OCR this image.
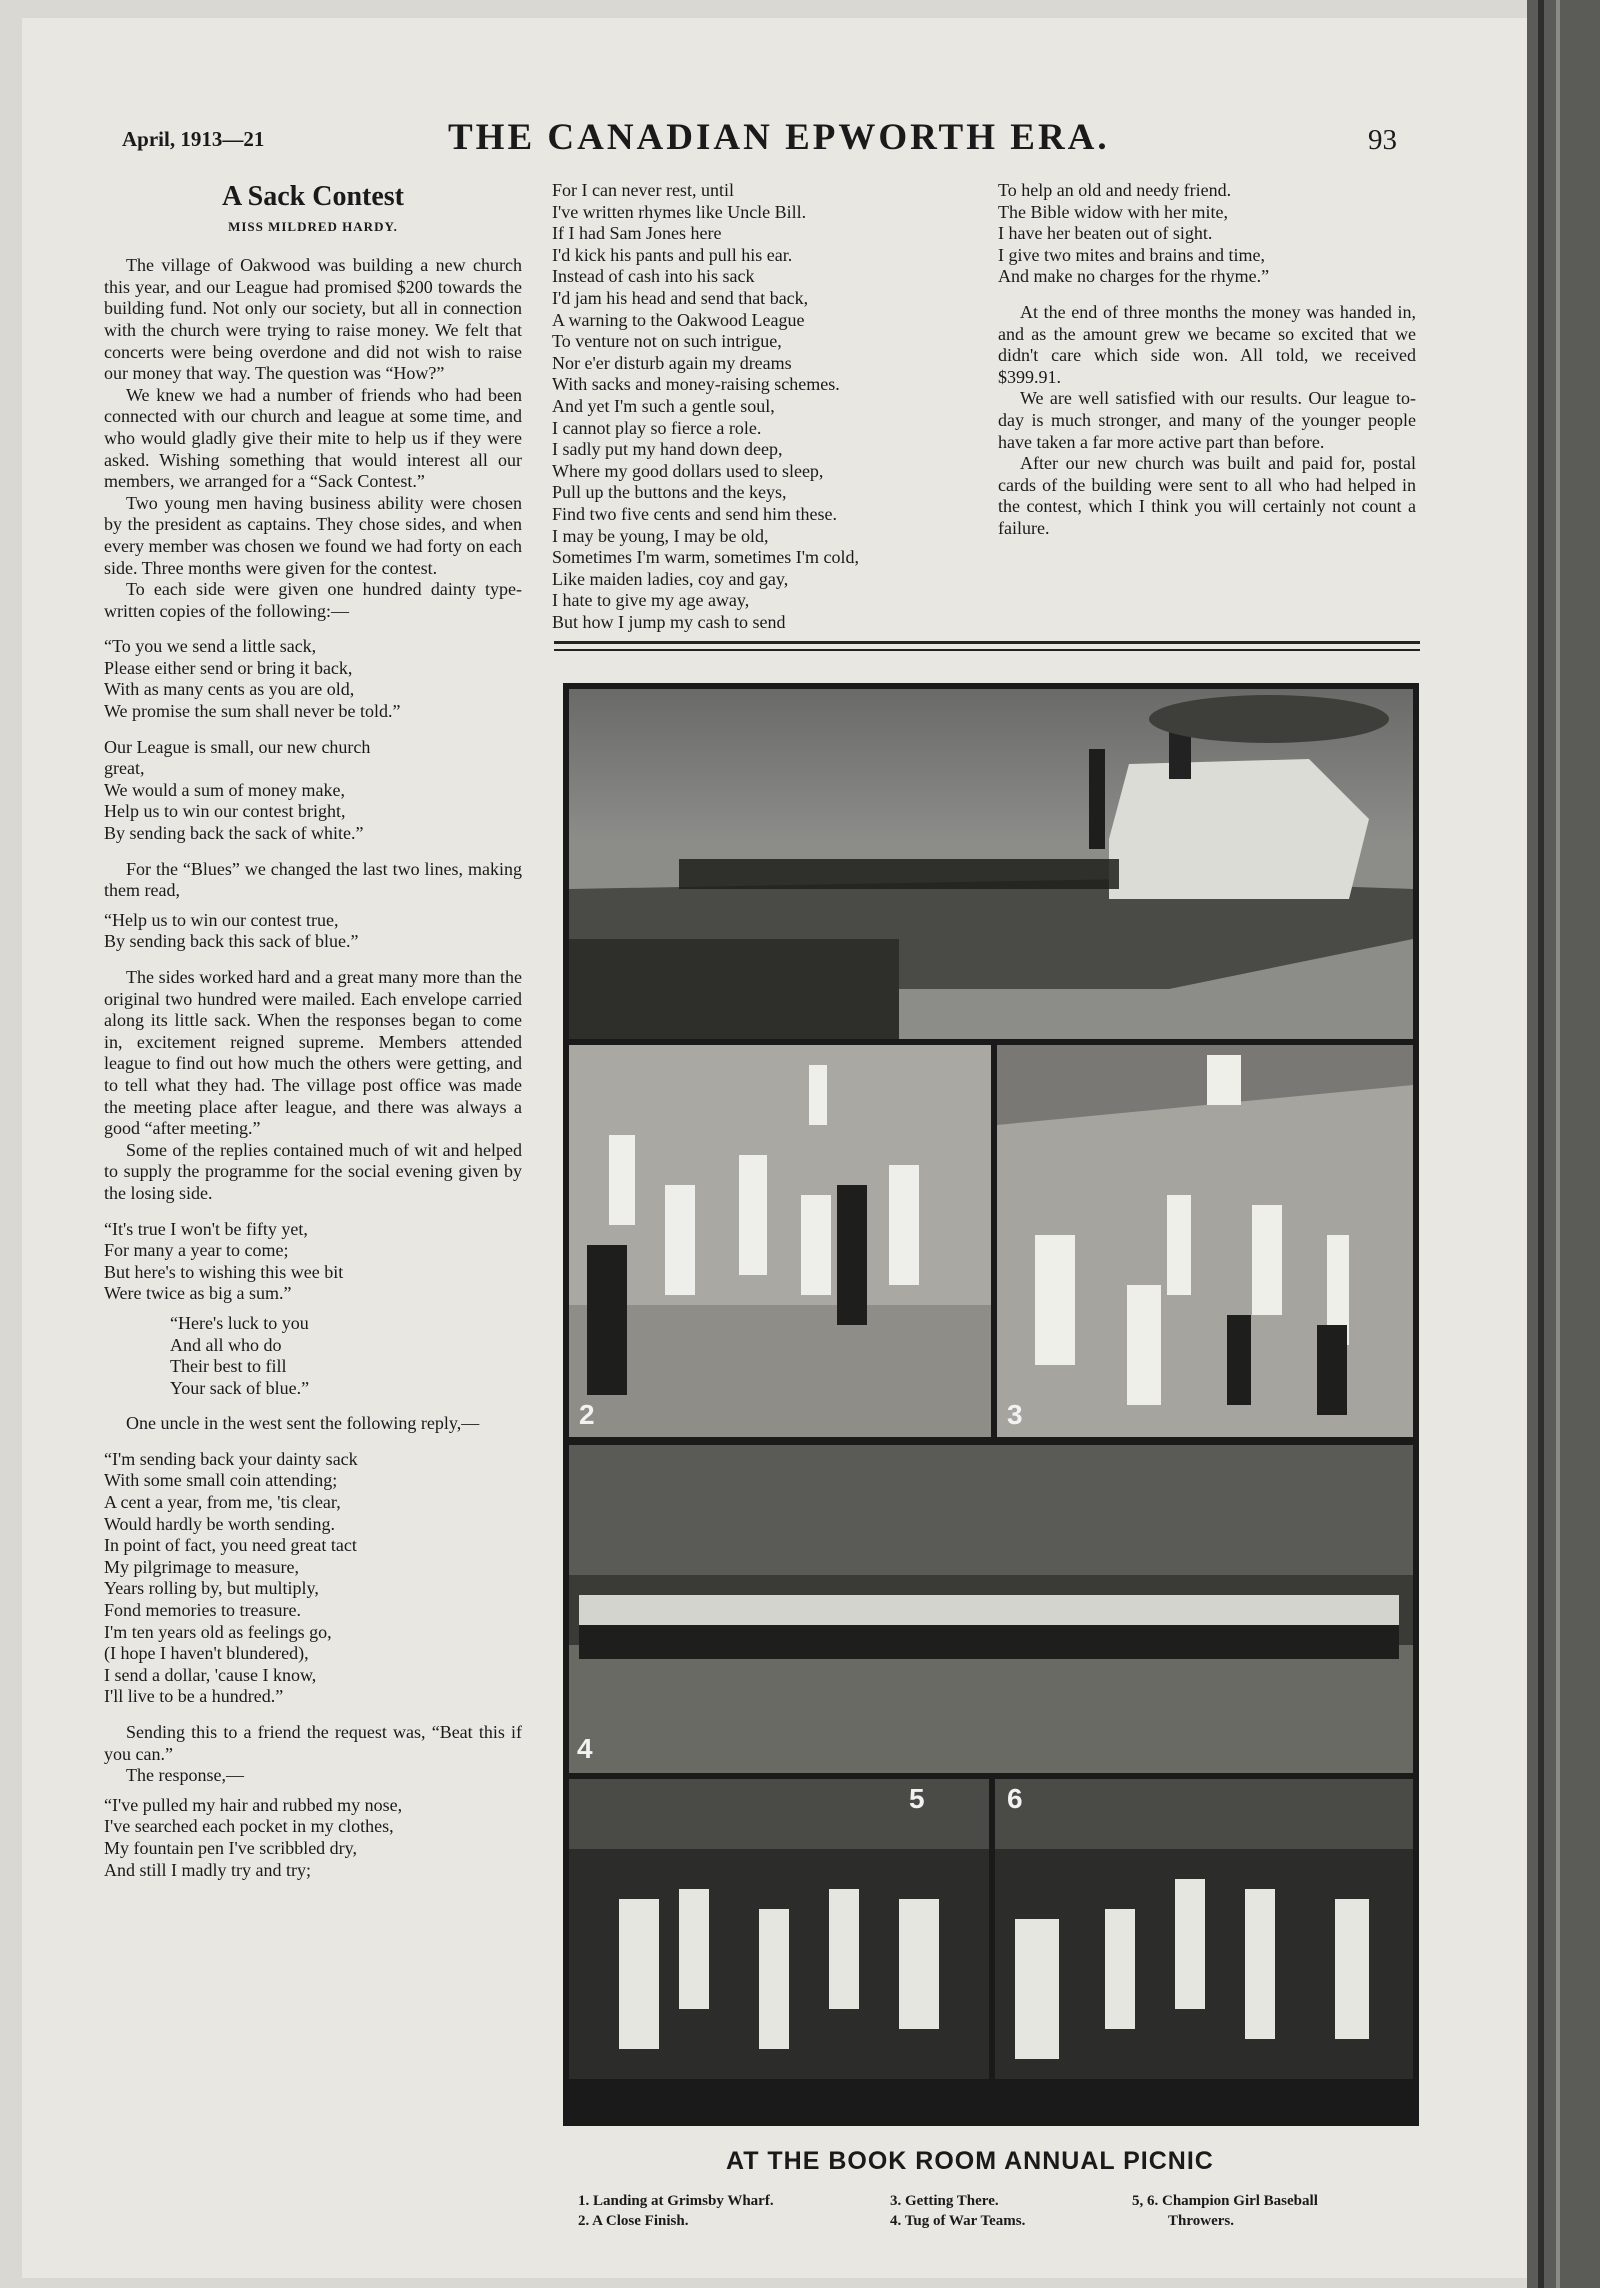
April, 1913—21	THE CANADIAN EPWORTH ERA.	93
A Sack Contest
MISS MILDRED HARDY.

The village of Oakwood was building a new church this year, and our League had promised $200 towards the building fund. Not only our society, but all in connection with the church were trying to raise money. We felt that concerts were being overdone and did not wish to raise our money that way. The question was “How?”

We knew we had a number of friends who had been connected with our church and league at some time, and who would gladly give their mite to help us if they were asked. Wishing something that would interest all our members, we arranged for a “Sack Contest.”

Two young men having business ability were chosen by the president as captains. They chose sides, and when every member was chosen we found we had forty on each side. Three months were given for the contest.

To each side were given one hundred dainty type-written copies of the following:—

“To you we send a little sack,
Please either send or bring it back,
With as many cents as you are old,
We promise the sum shall never be told.”
Our League is small, our new church
great,
We would a sum of money make,
Help us to win our contest bright,
By sending back the sack of white.”

For the “Blues” we changed the last two lines, making them read,

“Help us to win our contest true,
By sending back this sack of blue.”

The sides worked hard and a great many more than the original two hundred were mailed. Each envelope carried along its little sack. When the responses began to come in, excitement reigned supreme. Members attended league to find out how much the others were getting, and to tell what they had. The village post office was made the meeting place after league, and there was always a good “after meeting.”

Some of the replies contained much of wit and helped to supply the programme for the social evening given by the losing side.

“It's true I won't be fifty yet,
For many a year to come;
But here's to wishing this wee bit
Were twice as big a sum.”
“Here's luck to you
And all who do
Their best to fill
Your sack of blue.”

One uncle in the west sent the following reply,—

“I'm sending back your dainty sack
With some small coin attending;
A cent a year, from me, 'tis clear,
Would hardly be worth sending.
In point of fact, you need great tact
My pilgrimage to measure,
Years rolling by, but multiply,
Fond memories to treasure.
I'm ten years old as feelings go,
(I hope I haven't blundered),
I send a dollar, 'cause I know,
I'll live to be a hundred.”

Sending this to a friend the request was, “Beat this if you can.”

The response,—

“I've pulled my hair and rubbed my nose,
I've searched each pocket in my clothes,
My fountain pen I've scribbled dry,
And still I madly try and try;
For I can never rest, until
I've written rhymes like Uncle Bill.
If I had Sam Jones here
I'd kick his pants and pull his ear.
Instead of cash into his sack
I'd jam his head and send that back,
A warning to the Oakwood League
To venture not on such intrigue,
Nor e'er disturb again my dreams
With sacks and money-raising schemes.
And yet I'm such a gentle soul,
I cannot play so fierce a role.
I sadly put my hand down deep,
Where my good dollars used to sleep,
Pull up the buttons and the keys,
Find two five cents and send him these.
I may be young, I may be old,
Sometimes I'm warm, sometimes I'm cold,
Like maiden ladies, coy and gay,
I hate to give my age away,
But how I jump my cash to send
To help an old and needy friend.
The Bible widow with her mite,
I have her beaten out of sight.
I give two mites and brains and time,
And make no charges for the rhyme.”

At the end of three months the money was handed in, and as the amount grew we became so excited that we didn't care which side won. All told, we received $399.91.

We are well satisfied with our results. Our league to-day is much stronger, and many of the younger people have taken a far more active part than before.

After our new church was built and paid for, postal cards of the building were sent to all who had helped in the contest, which I think you will certainly not count a failure.

2	3
4
5	6
AT THE BOOK ROOM ANNUAL PICNIC
1. Landing at Grimsby Wharf.
2. A Close Finish.
3. Getting There.
4. Tug of War Teams.
5, 6. Champion Girl Baseball
Throwers.
